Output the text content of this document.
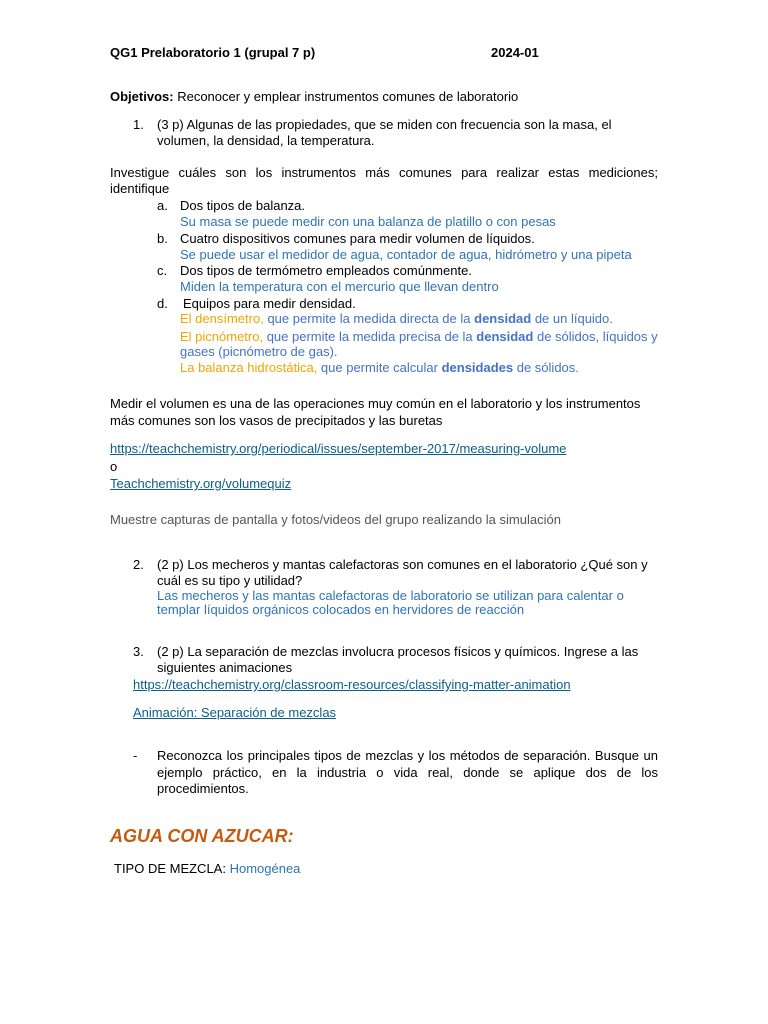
QG1 Prelaboratorio 1 (grupal 7 p)	2024-01
Objetivos: Reconocer y emplear instrumentos comunes de laboratorio
1. (3 p) Algunas de las propiedades, que se miden con frecuencia son la masa, el
volumen, la densidad, la temperatura.
Investigue cuáles son los instrumentos más comunes para realizar estas mediciones;
identifique
a. Dos tipos de balanza.
Su masa se puede medir con una balanza de platillo o con pesas
b. Cuatro dispositivos comunes para medir volumen de líquidos.
Se puede usar el medidor de agua, contador de agua, hidrómetro y una pipeta
c. Dos tipos de termómetro empleados comúnmente.
Miden la temperatura con el mercurio que llevan dentro
d. Equipos para medir densidad.
El densímetro, que permite la medida directa de la densidad de un líquido.
El picnómetro, que permite la medida precisa de la densidad de sólidos, líquidos y
gases (picnómetro de gas).
La balanza hidrostática, que permite calcular densidades de sólidos.
Medir el volumen es una de las operaciones muy común en el laboratorio y los instrumentos
más comunes son los vasos de precipitados y las buretas
https://teachchemistry.org/periodical/issues/september-2017/measuring-volume
o
Teachchemistry.org/volumequiz
Muestre capturas de pantalla y fotos/videos del grupo realizando la simulación
2. (2 p) Los mecheros y mantas calefactoras son comunes en el laboratorio ¿Qué son y
cuál es su tipo y utilidad?
Las mecheros y las mantas calefactoras de laboratorio se utilizan para calentar o
templar líquidos orgánicos colocados en hervidores de reacción
3. (2 p) La separación de mezclas involucra procesos físicos y químicos. Ingrese a las
siguientes animaciones
https://teachchemistry.org/classroom-resources/classifying-matter-animation
Animación: Separación de mezclas
- Reconozca los principales tipos de mezclas y los métodos de separación. Busque un
ejemplo práctico, en la industria o vida real, donde se aplique dos de los
procedimientos.
AGUA CON AZUCAR:
TIPO DE MEZCLA: Homogénea
